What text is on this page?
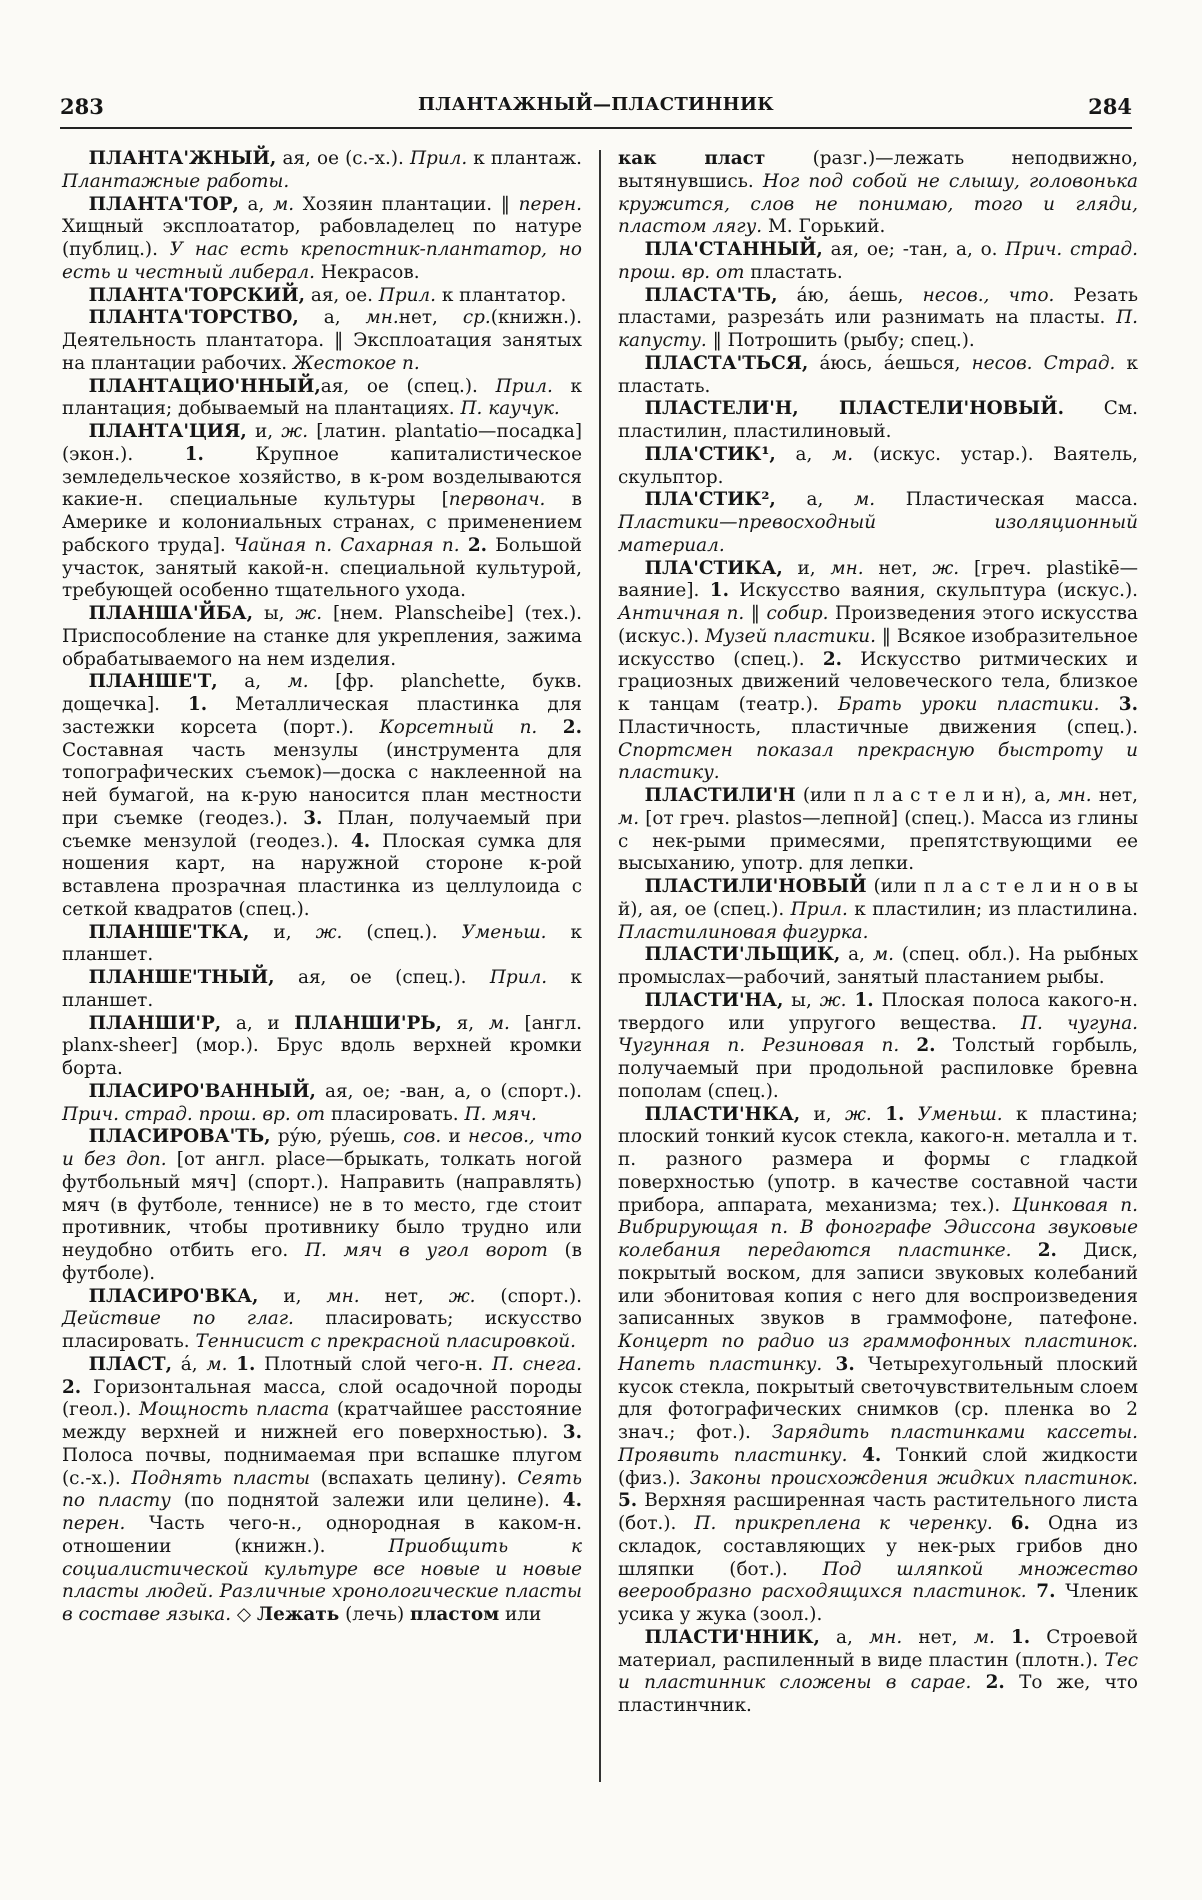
283	ПЛАНТАЖНЫЙ—ПЛАСТИННИК	284

ПЛАНТА'ЖНЫЙ, ая, ое (с.-х.). Прил. к плантаж. Плантажные работы.

ПЛАНТА'ТОР, а, м. Хозяин плантации. ‖ перен. Хищный эксплоататор, рабовладелец по натуре (публиц.). У нас есть крепостник-плантатор, но есть и честный либерал. Некрасов.

ПЛАНТА'ТОРСКИЙ, ая, ое. Прил. к плантатор.

ПЛАНТА'ТОРСТВО, а, мн.нет, ср.(книжн.). Деятельность плантатора. ‖ Эксплоатация занятых на плантации рабочих. Жестокое п.

ПЛАНТАЦИО'ННЫЙ,ая, ое (спец.). Прил. к плантация; добываемый на плантациях. П. каучук.

ПЛАНТА'ЦИЯ, и, ж. [латин. plantatio—посадка] (экон.). 1. Крупное капиталистическое земледельческое хозяйство, в к-ром возделываются какие-н. специальные культуры [первонач. в Америке и колониальных странах, с применением рабского труда]. Чайная п. Сахарная п. 2. Большой участок, занятый какой-н. специальной культурой, требующей особенно тщательного ухода.

ПЛАНША'ЙБА, ы, ж. [нем. Planscheibe] (тех.). Приспособление на станке для укрепления, зажима обрабатываемого на нем изделия.

ПЛАНШЕ'Т, а, м. [фр. planchette, букв. дощечка]. 1. Металлическая пластинка для застежки корсета (порт.). Корсетный п. 2. Составная часть мензулы (инструмента для топографических съемок)—доска с наклеенной на ней бумагой, на к-рую наносится план местности при съемке (геодез.). 3. План, получаемый при съемке мензулой (геодез.). 4. Плоская сумка для ношения карт, на наружной стороне к-рой вставлена прозрачная пластинка из целлулоида с сеткой квадратов (спец.).

ПЛАНШЕ'ТКА, и, ж. (спец.). Уменьш. к планшет.

ПЛАНШЕ'ТНЫЙ, ая, ое (спец.). Прил. к планшет.

ПЛАНШИ'Р, а, и ПЛАНШИ'РЬ, я, м. [англ. planx-sheer] (мор.). Брус вдоль верхней кромки борта.

ПЛАСИРО'ВАННЫЙ, ая, ое; -ван, а, о (спорт.). Прич. страд. прош. вр. от пласировать. П. мяч.

ПЛАСИРОВА'ТЬ, ру́ю, ру́ешь, сов. и несов., что и без доп. [от англ. place—брыкать, толкать ногой футбольный мяч] (спорт.). Направить (направлять) мяч (в футболе, теннисе) не в то место, где стоит противник, чтобы противнику было трудно или неудобно отбить его. П. мяч в угол ворот (в футболе).

ПЛАСИРО'ВКА, и, мн. нет, ж. (спорт.). Действие по глаг. пласировать; искусство пласировать. Теннисист с прекрасной пласировкой.

ПЛАСТ, а́, м. 1. Плотный слой чего-н. П. снега. 2. Горизонтальная масса, слой осадочной породы (геол.). Мощность пласта (кратчайшее расстояние между верхней и нижней его поверхностью). 3. Полоса почвы, поднимаемая при вспашке плугом (с.-х.). Поднять пласты (вспахать целину). Сеять по пласту (по поднятой залежи или целине). 4. перен. Часть чего-н., однородная в каком-н. отношении (книжн.). Приобщить к социалистической культуре все новые и новые пласты людей. Различные хронологические пласты в составе языка. ◇ Лежать (лечь) пластом или

как пласт (разг.)—лежать неподвижно, вытянувшись. Ног под собой не слышу, головонька кружится, слов не понимаю, того и гляди, пластом лягу. М. Горький.

ПЛА'СТАННЫЙ, ая, ое; -тан, а, о. Прич. страд. прош. вр. от пластать.

ПЛАСТА'ТЬ, а́ю, а́ешь, несов., что. Резать пластами, разреза́ть или разнимать на пласты. П. капусту. ‖ Потрошить (рыбу; спец.).

ПЛАСТА'ТЬСЯ, а́юсь, а́ешься, несов. Страд. к пластать.

ПЛАСТЕЛИ'Н, ПЛАСТЕЛИ'НОВЫЙ. См. пластилин, пластилиновый.

ПЛА'СТИК¹, а, м. (искус. устар.). Ваятель, скульптор.

ПЛА'СТИК², а, м. Пластическая масса. Пластики—превосходный изоляционный материал.

ПЛА'СТИКА, и, мн. нет, ж. [греч. plastikē—ваяние]. 1. Искусство ваяния, скульптура (искус.). Античная п. ‖ собир. Произведения этого искусства (искус.). Музей пластики. ‖ Всякое изобразительное искусство (спец.). 2. Искусство ритмических и грациозных движений человеческого тела, близкое к танцам (театр.). Брать уроки пластики. 3. Пластичность, пластичные движения (спец.). Спортсмен показал прекрасную быстроту и пластику.

ПЛАСТИЛИ'Н (или п л а с т е л и н), а, мн. нет, м. [от греч. plastos—лепной] (спец.). Масса из глины с нек-рыми примесями, препятствующими ее высыханию, употр. для лепки.

ПЛАСТИЛИ'НОВЫЙ (или п л а с т е л и н о в ы й), ая, ое (спец.). Прил. к пластилин; из пластилина. Пластилиновая фигурка.

ПЛАСТИ'ЛЬЩИК, а, м. (спец. обл.). На рыбных промыслах—рабочий, занятый пластанием рыбы.

ПЛАСТИ'НА, ы, ж. 1. Плоская полоса какого-н. твердого или упругого вещества. П. чугуна. Чугунная п. Резиновая п. 2. Толстый горбыль, получаемый при продольной распиловке бревна пополам (спец.).

ПЛАСТИ'НКА, и, ж. 1. Уменьш. к пластина; плоский тонкий кусок стекла, какого-н. металла и т. п. разного размера и формы с гладкой поверхностью (употр. в качестве составной части прибора, аппарата, механизма; тех.). Цинковая п. Вибрирующая п. В фонографе Эдиссона звуковые колебания передаются пластинке. 2. Диск, покрытый воском, для записи звуковых колебаний или эбонитовая копия с него для воспроизведения записанных звуков в граммофоне, патефоне. Концерт по радио из граммофонных пластинок. Напеть пластинку. 3. Четырехугольный плоский кусок стекла, покрытый светочувствительным слоем для фотографических снимков (ср. пленка во 2 знач.; фот.). Зарядить пластинками кассеты. Проявить пластинку. 4. Тонкий слой жидкости (физ.). Законы происхождения жидких пластинок. 5. Верхняя расширенная часть растительного листа (бот.). П. прикреплена к черенку. 6. Одна из складок, составляющих у нек-рых грибов дно шляпки (бот.). Под шляпкой множество веерообразно расходящихся пластинок. 7. Членик усика у жука (зоол.).

ПЛАСТИ'ННИК, а, мн. нет, м. 1. Строевой материал, распиленный в виде пластин (плотн.). Тес и пластинник сложены в сарае. 2. То же, что пластинчник.
